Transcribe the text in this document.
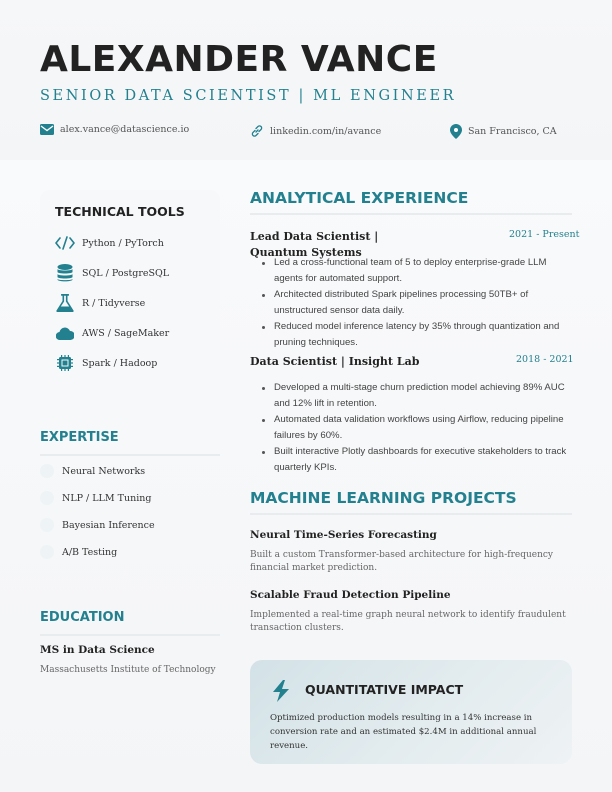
ALEXANDER VANCE
SENIOR DATA SCIENTIST | ML ENGINEER
alex.vance@datascience.io	linkedin.com/in/avance	San Francisco, CA
TECHNICAL TOOLS
Python / PyTorch
SQL / PostgreSQL
R / Tidyverse
AWS / SageMaker
Spark / Hadoop
EXPERTISE
Neural Networks
NLP / LLM Tuning
Bayesian Inference
A/B Testing
EDUCATION
MS in Data Science
Massachusetts Institute of Technology
ANALYTICAL EXPERIENCE
Lead Data Scientist |
Quantum Systems
2021 - Present
Led a cross-functional team of 5 to deploy enterprise-grade LLM agents for automated support.
Architected distributed Spark pipelines processing 50TB+ of unstructured sensor data daily.
Reduced model inference latency by 35% through quantization and pruning techniques.
Data Scientist | Insight Lab	2018 - 2021
Developed a multi-stage churn prediction model achieving 89% AUC and 12% lift in retention.
Automated data validation workflows using Airflow, reducing pipeline failures by 60%.
Built interactive Plotly dashboards for executive stakeholders to track quarterly KPIs.
MACHINE LEARNING PROJECTS
Neural Time-Series Forecasting
Built a custom Transformer-based architecture for high-frequency financial market prediction.
Scalable Fraud Detection Pipeline
Implemented a real-time graph neural network to identify fraudulent transaction clusters.
QUANTITATIVE IMPACT
Optimized production models resulting in a 14% increase in conversion rate and an estimated $2.4M in additional annual revenue.
